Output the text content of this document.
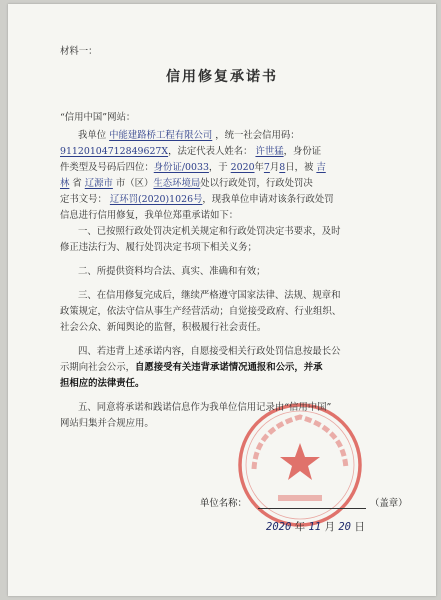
材料一：
信用修复承诺书
“信用中国”网站：
我单位 中能建路桥工程有限公司 ，统一社会信用码：
91120104712849627X，法定代表人姓名： 许世猛，身份证
件类型及号码后四位：身份证/0033，于 2020年7月8日，被 吉
林 省 辽源市 市（区）生态环境局处以行政处罚，行政处罚决
定书文号： 辽环罚(2020)1026号，现我单位申请对该条行政处罚
信息进行信用修复，我单位郑重承诺如下：
一、已按照行政处罚决定机关规定和行政处罚决定书要求，及时
修正违法行为、履行处罚决定书项下相关义务；
二、所提供资料均合法、真实、准确和有效；
三、在信用修复完成后，继续严格遵守国家法律、法规、规章和
政策规定，依法守信从事生产经营活动；自觉接受政府、行业组织、
社会公众、新闻舆论的监督，积极履行社会责任。
四、若违背上述承诺内容，自愿接受相关行政处罚信息按最长公
示期向社会公示，自愿接受有关违背承诺情况通报和公示，并承
担相应的法律责任。
五、同意将承诺和践诺信息作为我单位信用记录由“信用中国”
网站归集并合规应用。
单位名称：	（盖章）
2020 年 11 月 20 日
